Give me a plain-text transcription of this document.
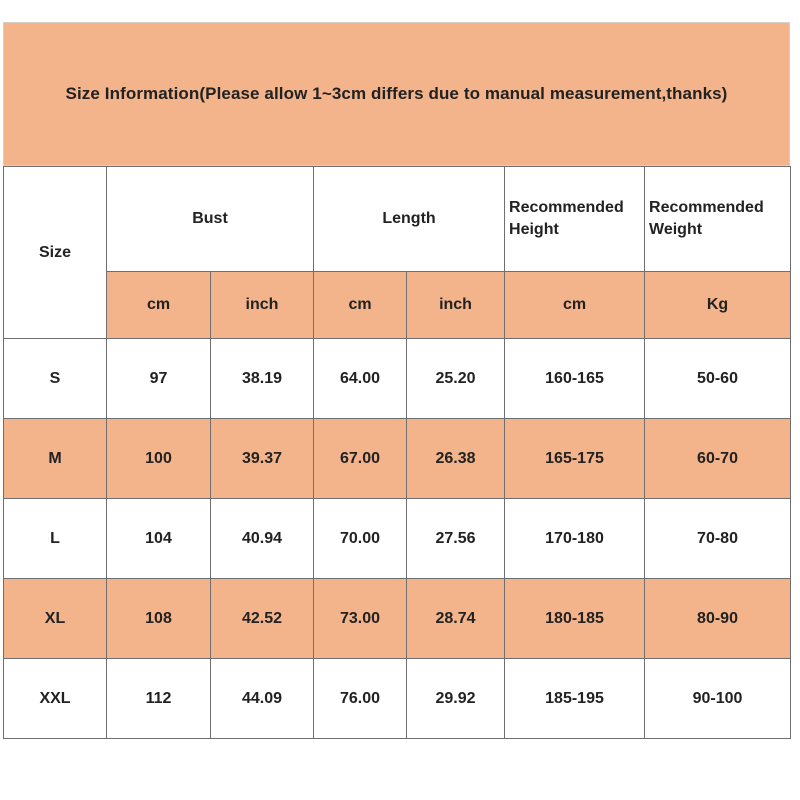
Size Information(Please allow 1~3cm differs due to manual measurement,thanks)
Size	Bust		Length		Recommended Height	Recommended Weight
	cm	inch	cm	inch	cm	Kg
S	97	38.19	64.00	25.20	160-165	50-60
M	100	39.37	67.00	26.38	165-175	60-70
L	104	40.94	70.00	27.56	170-180	70-80
XL	108	42.52	73.00	28.74	180-185	80-90
XXL	112	44.09	76.00	29.92	185-195	90-100
